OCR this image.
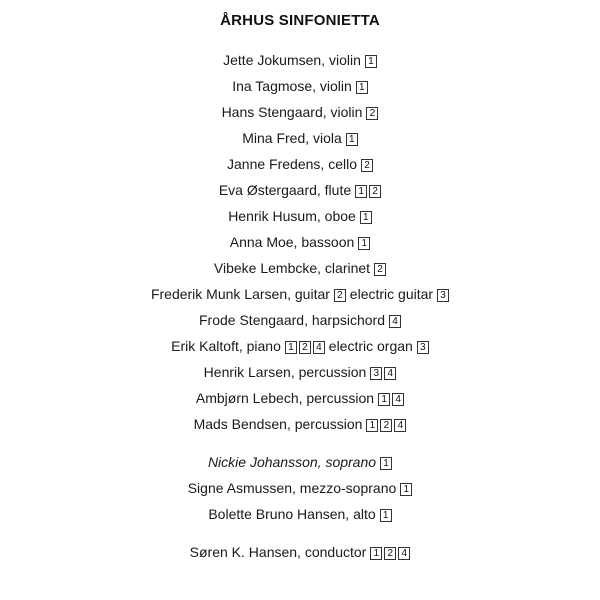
ÅRHUS SINFONIETTA
Jette Jokumsen, violin 1
Ina Tagmose, violin 1
Hans Stengaard, violin 2
Mina Fred, viola 1
Janne Fredens, cello 2
Eva Østergaard, flute 1 2
Henrik Husum, oboe 1
Anna Moe, bassoon 1
Vibeke Lembcke, clarinet 2
Frederik Munk Larsen, guitar 2 electric guitar 3
Frode Stengaard, harpsichord 4
Erik Kaltoft, piano 1 2 4 electric organ 3
Henrik Larsen, percussion 3 4
Ambjørn Lebech, percussion 1 4
Mads Bendsen, percussion 1 2 4
Nickie Johansson, soprano 1
Signe Asmussen, mezzo-soprano 1
Bolette Bruno Hansen, alto 1
Søren K. Hansen, conductor 1 2 4
